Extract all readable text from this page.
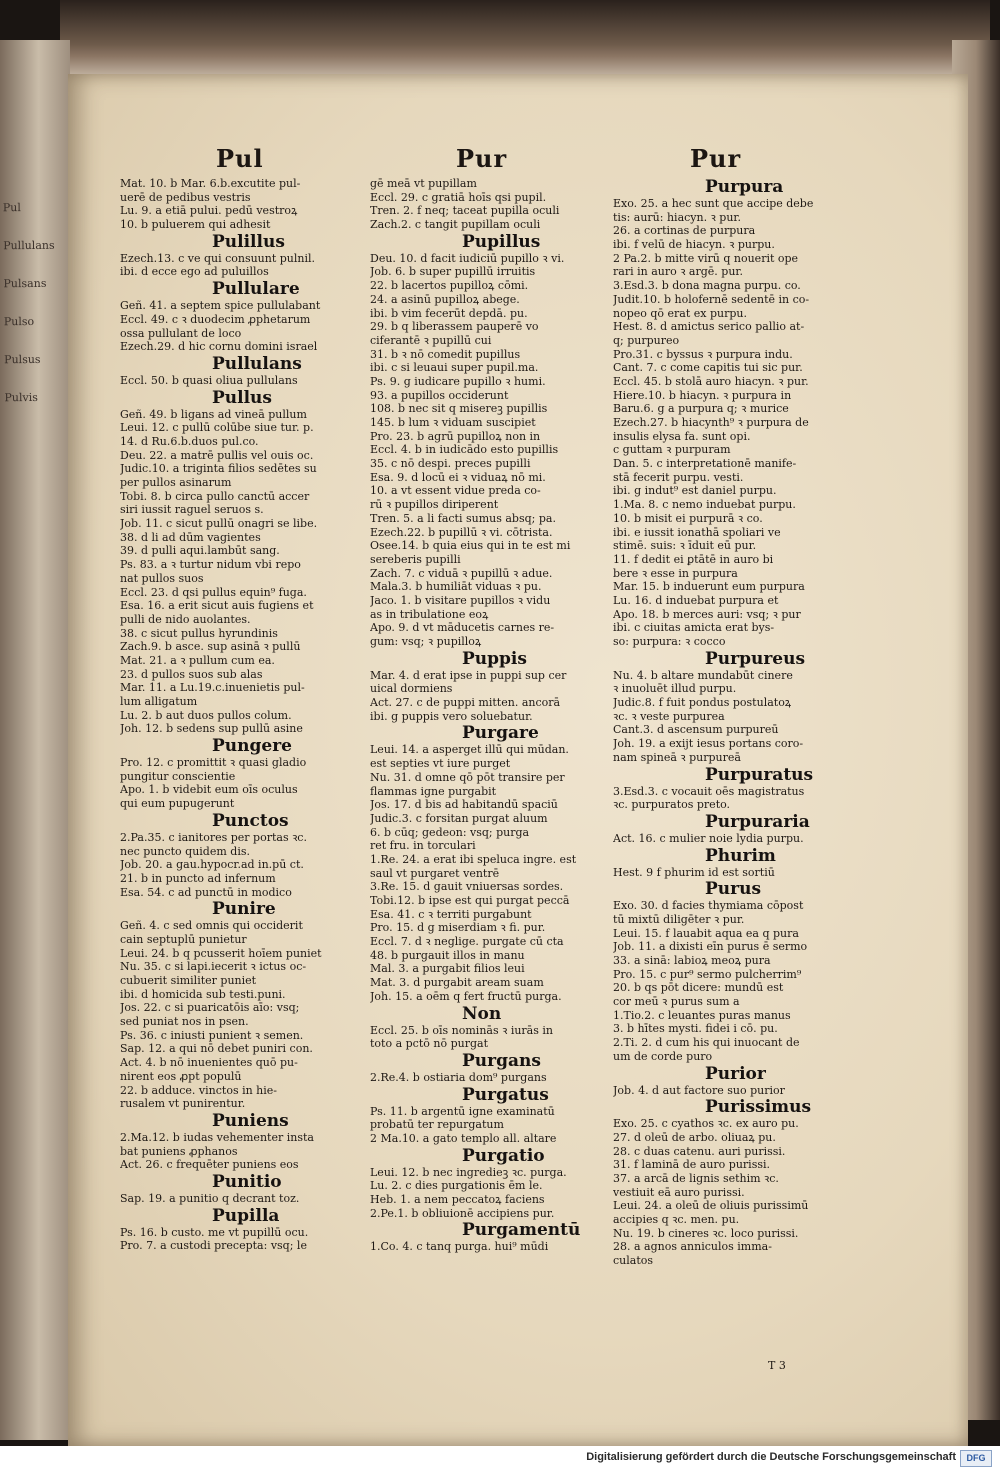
Pul
Pullulans
Pulsans
Pulso
Pulsus
Pulvis
Pul	Pur	Pur
Mat. 10. b Mar. 6.b.excutite pul-
uerē de pedibus vestris
Lu. 9. a etiā pului. pedū vestroꝝ
10. b puluerem qui adhesit
Pulillus
Ezech.13. c ve qui consuunt pulnil.
ibi. d ecce ego ad puluillos
Pullulare
Geñ. 41. a septem spice pullulabant
Eccl. 49. c ꝛ duodecim ꝓphetarum
ossa pullulant de loco
Ezech.29. d hic cornu domini israel
Pullulans
Eccl. 50. b quasi oliua pullulans
Pullus
Geñ. 49. b ligans ad vineā pullum
Leui. 12. c pullū colūbe siue tur. p.
14. d Ru.6.b.duos pul.co.
Deu. 22. a matrē pullis vel ouis oc.
Judic.10. a triginta filios sedētes su
per pullos asinarum
Tobi. 8. b circa pullo canctū accer
siri iussit raguel seruos s.
Job. 11. c sicut pullū onagri se libe.
38. d li ad dūm vagientes
39. d pulli aqui.lambūt sang.
Ps. 83. a ꝛ turtur nidum vbi repo
nat pullos suos
Eccl. 23. d qsi pullus equin⁹ fuga.
Esa. 16. a erit sicut auis fugiens et
pulli de nido auolantes.
38. c sicut pullus hyrundinis
Zach.9. b asce. sup asinā ꝛ pullū
Mat. 21. a ꝛ pullum cum ea.
23. d pullos suos sub alas
Mar. 11. a Lu.19.c.inuenietis pul-
lum alligatum
Lu. 2. b aut duos pullos colum.
Joh. 12. b sedens sup pullū asine
Pungere
Pro. 12. c promittit ꝛ quasi gladio
pungitur conscientie
Apo. 1. b videbit eum oīs oculus
qui eum pupugerunt
Punctos
2.Pa.35. c ianitores per portas ꝛc.
nec puncto quidem dis.
Job. 20. a gau.hypocr.ad in.pū ct.
21. b in puncto ad infernum
Esa. 54. c ad punctū in modico
Punire
Geñ. 4. c sed omnis qui occiderit
cain septuplū punietur
Leui. 24. b q pcusserit hoīem puniet
Nu. 35. c si lapi.iecerit ꝛ ictus oc-
cubuerit similiter puniet
ibi. d homicida sub testi.puni.
Jos. 22. c si puaricatōis aīo: vsq;
sed puniat nos in psen.
Ps. 36. c iniusti punient ꝛ semen.
Sap. 12. a qui nō debet puniri con.
Act. 4. b nō inuenientes quō pu-
nirent eos ꝓpt populū
22. b adduce. vinctos in hie-
rusalem vt punirentur.
Puniens
2.Ma.12. b iudas vehementer insta
bat puniens ꝓphanos
Act. 26. c frequēter puniens eos
Punitio
Sap. 19. a punitio q decrant toz.
Pupilla
Ps. 16. b custo. me vt pupillū ocu.
Pro. 7. a custodi precepta: vsq; le
gē meā vt pupillam
Eccl. 29. c gratiā hoīs qsi pupil.
Tren. 2. f neq; taceat pupilla oculi
Zach.2. c tangit pupillam oculi
Pupillus
Deu. 10. d facit iudiciū pupillo ꝛ vi.
Job. 6. b super pupillū irruitis
22. b lacertos pupilloꝝ cōmi.
24. a asinū pupilloꝝ abege.
ibi. b vim fecerūt depdā. pu.
29. b q liberassem pauperē vo
ciferantē ꝛ pupillū cui
31. b ꝛ nō comedit pupillus
ibi. c si leuaui super pupil.ma.
Ps. 9. g iudicare pupillo ꝛ humi.
93. a pupillos occiderunt
108. b nec sit q misereꝫ pupillis
145. b lum ꝛ viduam suscipiet
Pro. 23. b agrū pupilloꝝ non in
Eccl. 4. b in iudicādo esto pupillis
35. c nō despi. preces pupilli
Esa. 9. d locū ei ꝛ viduaꝝ nō mi.
10. a vt essent vidue preda co-
rū ꝛ pupillos diriperent
Tren. 5. a li facti sumus absq; pa.
Ezech.22. b pupillū ꝛ vi. cōtrista.
Osee.14. b quia eius qui in te est mi
sereberis pupilli
Zach. 7. c viduā ꝛ pupillū ꝛ adue.
Mala.3. b humiliāt viduas ꝛ pu.
Jaco. 1. b visitare pupillos ꝛ vidu
as in tribulatione eoꝝ
Apo. 9. d vt māducetis carnes re-
gum: vsq; ꝛ pupilloꝝ
Puppis
Mar. 4. d erat ipse in puppi sup cer
uical dormiens
Act. 27. c de puppi mitten. ancorā
ibi. g puppis vero soluebatur.
Purgare
Leui. 14. a asperget illū qui mūdan.
est septies vt iure purget
Nu. 31. d omne qō pōt transire per
flammas igne purgabit
Jos. 17. d bis ad habitandū spaciū
Judic.3. c forsitan purgat aluum
6. b cūq; gedeon: vsq; purga
ret fru. in torculari
1.Re. 24. a erat ibi speluca ingre. est
saul vt purgaret ventrē
3.Re. 15. d gauit vniuersas sordes.
Tobi.12. b ipse est qui purgat peccā
Esa. 41. c ꝛ territi purgabunt
Pro. 15. d g miserdiam ꝛ fi. pur.
Eccl. 7. d ꝛ neglige. purgate cū cta
48. b purgauit illos in manu
Mal. 3. a purgabit filios leui
Mat. 3. d purgabit aream suam
Joh. 15. a oēm q fert fructū purga.
Non
Eccl. 25. b oīs nominās ꝛ iurās in
toto a pctō nō purgat
Purgans
2.Re.4. b ostiaria dom⁹ purgans
Purgatus
Ps. 11. b argentū igne examinatū
probatū ter repurgatum
2 Ma.10. a gato templo all. altare
Purgatio
Leui. 12. b nec ingredieꝫ ꝛc. purga.
Lu. 2. c dies purgationis ēm le.
Heb. 1. a nem peccatoꝝ faciens
2.Pe.1. b obliuionē accipiens pur.
Purgamentū
1.Co. 4. c tanq purga. hui⁹ mūdi
Purpura
Exo. 25. a hec sunt que accipe debe
tis: aurū: hiacyn. ꝛ pur.
26. a cortinas de purpura
ibi. f velū de hiacyn. ꝛ purpu.
2 Pa.2. b mitte virū q nouerit ope
rari in auro ꝛ argē. pur.
3.Esd.3. b dona magna purpu. co.
Judit.10. b holofernē sedentē in co-
nopeo qō erat ex purpu.
Hest. 8. d amictus serico pallio at-
q; purpureo
Pro.31. c byssus ꝛ purpura indu.
Cant. 7. c come capitis tui sic pur.
Eccl. 45. b stolā auro hiacyn. ꝛ pur.
Hiere.10. b hiacyn. ꝛ purpura in
Baru.6. g a purpura q; ꝛ murice
Ezech.27. b hiacynth⁹ ꝛ purpura de
insulis elysa fa. sunt opi.
c guttam ꝛ purpuram
Dan. 5. c interpretationē manife-
stā fecerit purpu. vesti.
ibi. g indut⁹ est daniel purpu.
1.Ma. 8. c nemo induebat purpu.
10. b misit ei purpurā ꝛ co.
ibi. e iussit ionathā spoliari ve
stimē. suis: ꝛ īduit eū pur.
11. f dedit ei ꝑtātē in auro bi
bere ꝛ esse in purpura
Mar. 15. b induerunt eum purpura
Lu. 16. d induebat purpura et
Apo. 18. b merces auri: vsq; ꝛ pur
ibi. c ciuitas amicta erat bys-
so: purpura: ꝛ cocco
Purpureus
Nu. 4. b altare mundabūt cinere
ꝛ inuoluēt illud purpu.
Judic.8. f fuit pondus postulatoꝝ
ꝛc. ꝛ veste purpurea
Cant.3. d ascensum purpureū
Joh. 19. a exijt iesus portans coro-
nam spineā ꝛ purpureā
Purpuratus
3.Esd.3. c vocauit oēs magistratus
ꝛc. purpuratos preto.
Purpuraria
Act. 16. c mulier noie lydia purpu.
Phurim
Hest. 9 f phurim id est sortiū
Purus
Exo. 30. d facies thymiama cōpost
tū mixtū diligēter ꝛ pur.
Leui. 15. f lauabit aqua ea q pura
Job. 11. a dixisti eīn purus ē sermo
33. a sinā: labioꝝ meoꝝ pura
Pro. 15. c pur⁹ sermo pulcherrim⁹
20. b qs pōt dicere: mundū est
cor meū ꝛ purus sum a
1.Tio.2. c leuantes puras manus
3. b hītes mysti. fidei i cō. pu.
2.Ti. 2. d cum his qui inuocant de
um de corde puro
Purior
Job. 4. d aut factore suo purior
Purissimus
Exo. 25. c cyathos ꝛc. ex auro pu.
27. d oleū de arbo. oliuaꝝ pu.
28. c duas catenu. auri purissi.
31. f laminā de auro purissi.
37. a arcā de lignis sethim ꝛc.
vestiuit eā auro purissi.
Leui. 24. a oleū de oliuis purissimū
accipies q ꝛc. men. pu.
Nu. 19. b cineres ꝛc. loco purissi.
28. a agnos anniculos imma-
culatos
T 3
Digitalisierung gefördert durch die Deutsche Forschungsgemeinschaft	DFG
